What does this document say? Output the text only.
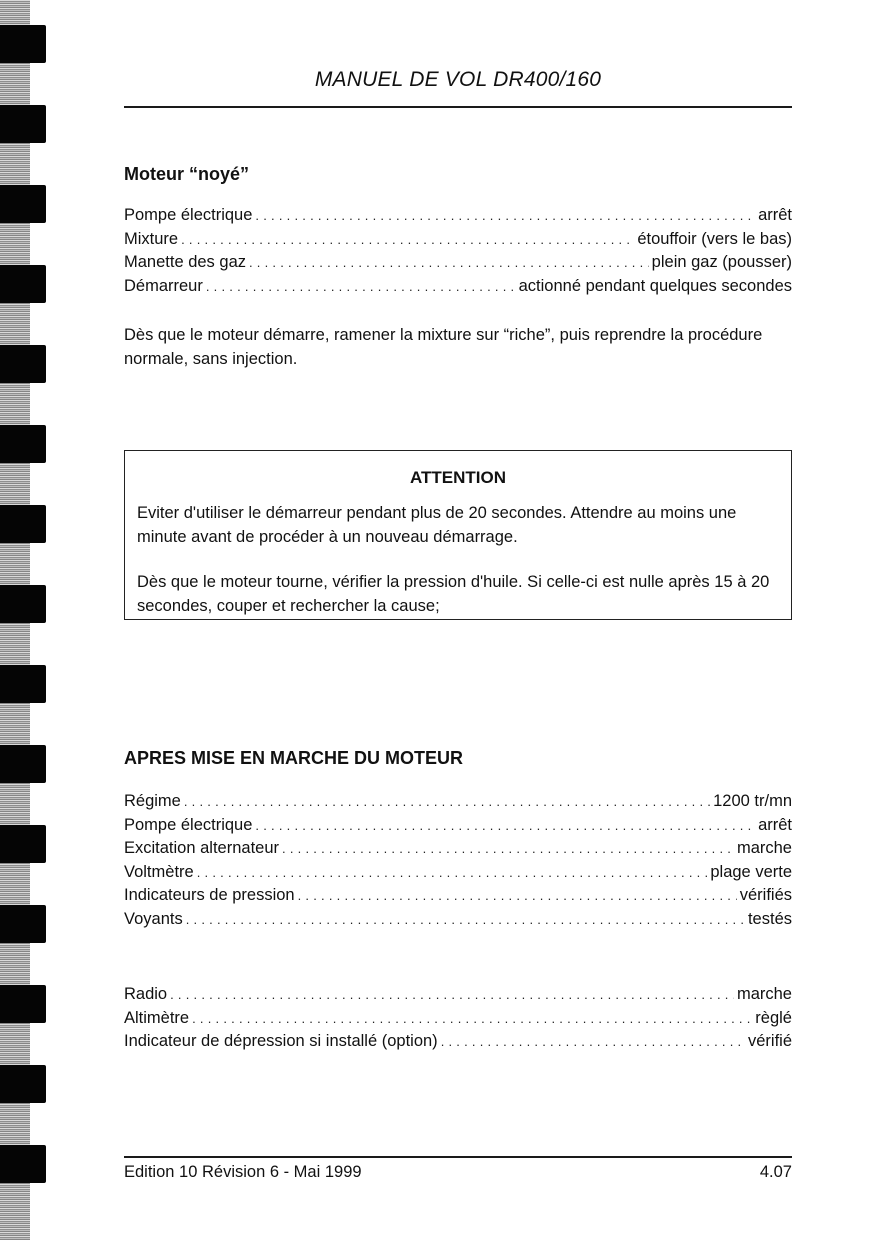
MANUEL DE VOL DR400/160
Moteur “noyé”
Pompe électrique .....	arrêt
Mixture .....	étouffoir (vers le bas)
Manette des gaz .....	plein gaz (pousser)
Démarreur .....	actionné pendant quelques secondes
Dès que le moteur démarre, ramener la mixture sur “riche”, puis reprendre la procédure normale, sans injection.
ATTENTION
Eviter d'utiliser le démarreur pendant plus de 20 secondes. Attendre au moins une minute avant de procéder à un nouveau démarrage.
Dès que le moteur tourne, vérifier la pression d'huile. Si celle-ci est nulle après 15 à 20 secondes, couper et rechercher la cause;
APRES MISE EN MARCHE DU MOTEUR
Régime .....	1200 tr/mn
Pompe électrique .....	arrêt
Excitation alternateur .....	marche
Voltmètre .....	plage verte
Indicateurs de pression .....	vérifiés
Voyants .....	testés
Radio .....	marche
Altimètre .....	règlé
Indicateur de dépression si installé (option) .....	vérifié
Edition 10 Révision 6 - Mai 1999	4.07
